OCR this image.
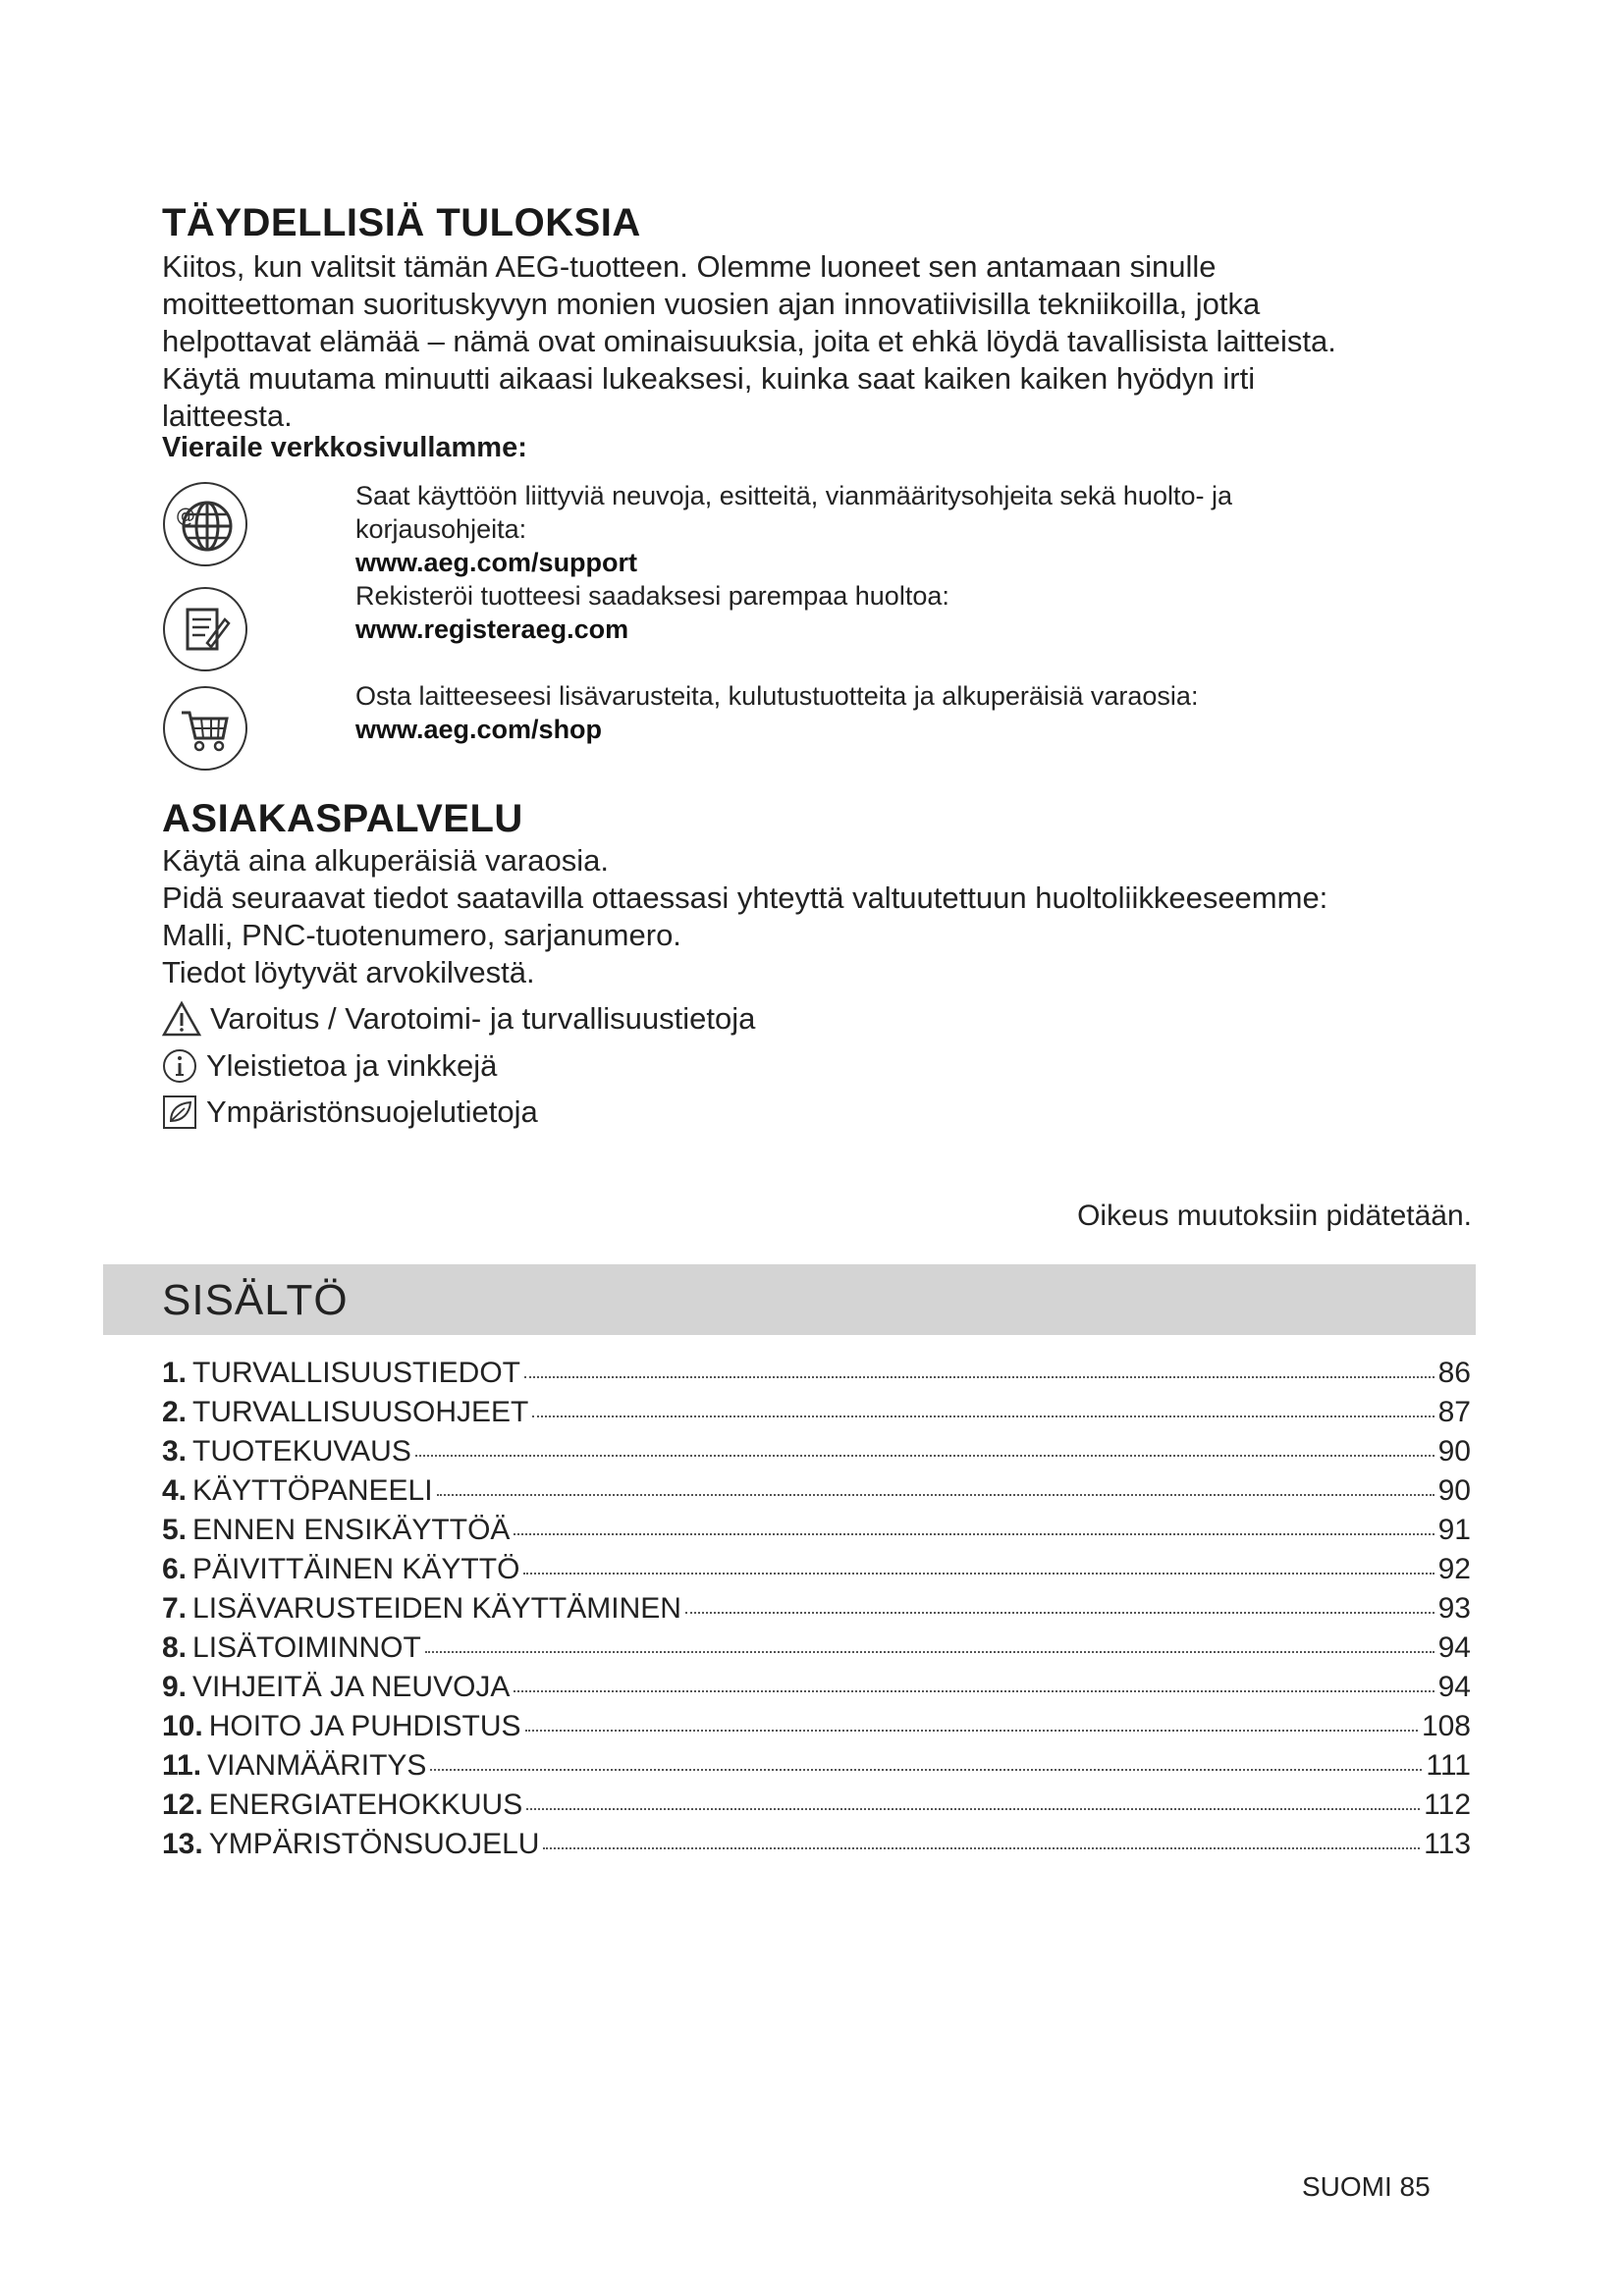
TÄYDELLISIÄ TULOKSIA
Kiitos, kun valitsit tämän AEG-tuotteen. Olemme luoneet sen antamaan sinulle
moitteettoman suorituskyvyn monien vuosien ajan innovatiivisilla tekniikoilla, jotka
helpottavat elämää – nämä ovat ominaisuuksia, joita et ehkä löydä tavallisista laitteista.
Käytä muutama minuutti aikaasi lukeaksesi, kuinka saat kaiken kaiken hyödyn irti
laitteesta.
Vieraile verkkosivullamme:
@
Saat käyttöön liittyviä neuvoja, esitteitä, vianmääritysohjeita sekä huolto- ja
korjausohjeita:
www.aeg.com/support
Rekisteröi tuotteesi saadaksesi parempaa huoltoa:
www.registeraeg.com
Osta laitteeseesi lisävarusteita, kulutustuotteita ja alkuperäisiä varaosia:
www.aeg.com/shop
ASIAKASPALVELU
Käytä aina alkuperäisiä varaosia.
Pidä seuraavat tiedot saatavilla ottaessasi yhteyttä valtuutettuun huoltoliikkeeseemme:
Malli, PNC-tuotenumero, sarjanumero.
Tiedot löytyvät arvokilvestä.
Varoitus / Varotoimi- ja turvallisuustietoja
Yleistietoa ja vinkkejä
Ympäristönsuojelutietoja
Oikeus muutoksiin pidätetään.
SISÄLTÖ
1. TURVALLISUUSTIEDOT	86
2. TURVALLISUUSOHJEET	87
3. TUOTEKUVAUS	90
4. KÄYTTÖPANEELI	90
5. ENNEN ENSIKÄYTTÖÄ	91
6. PÄIVITTÄINEN KÄYTTÖ	92
7. LISÄVARUSTEIDEN KÄYTTÄMINEN	93
8. LISÄTOIMINNOT	94
9. VIHJEITÄ JA NEUVOJA	94
10. HOITO JA PUHDISTUS	108
11. VIANMÄÄRITYS	111
12. ENERGIATEHOKKUUS	112
13. YMPÄRISTÖNSUOJELU	113
SUOMI 85
